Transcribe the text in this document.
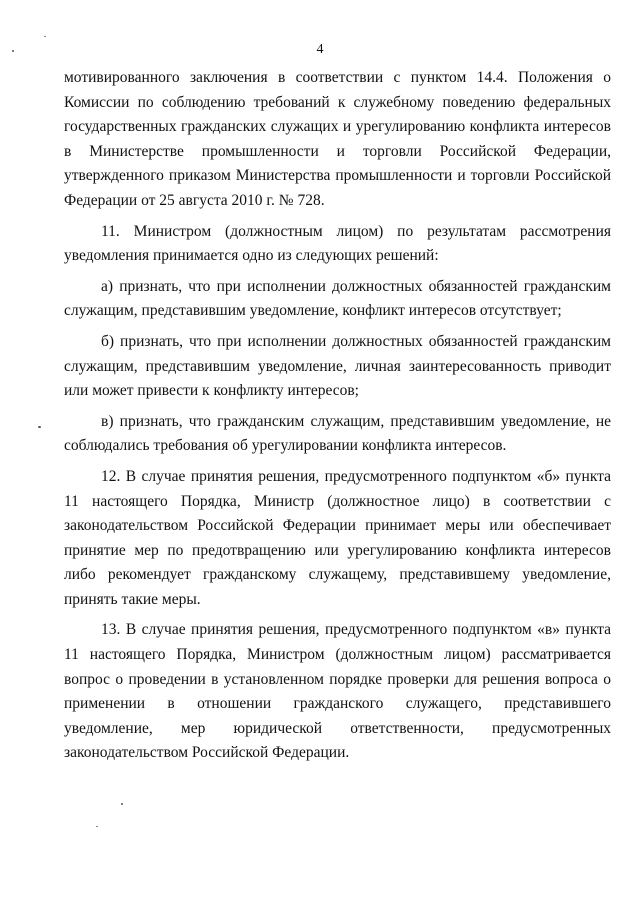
4

мотивированного заключения в соответствии с пунктом 14.4. Положения о Комиссии по соблюдению требований к служебному поведению федеральных государственных гражданских служащих и урегулированию конфликта интересов в Министерстве промышленности и торговли Российской Федерации, утвержденного приказом Министерства промышленности и торговли Российской Федерации от 25 августа 2010 г. № 728.

11. Министром (должностным лицом) по результатам рассмотрения уведомления принимается одно из следующих решений:

а) признать, что при исполнении должностных обязанностей гражданским служащим, представившим уведомление, конфликт интересов отсутствует;

б) признать, что при исполнении должностных обязанностей гражданским служащим, представившим уведомление, личная заинтересованность приводит или может привести к конфликту интересов;

в) признать, что гражданским служащим, представившим уведомление, не соблюдались требования об урегулировании конфликта интересов.

12. В случае принятия решения, предусмотренного подпунктом «б» пункта 11 настоящего Порядка, Министр (должностное лицо) в соответствии с законодательством Российской Федерации принимает меры или обеспечивает принятие мер по предотвращению или урегулированию конфликта интересов либо рекомендует гражданскому служащему, представившему уведомление, принять такие меры.

13. В случае принятия решения, предусмотренного подпунктом «в» пункта 11 настоящего Порядка, Министром (должностным лицом) рассматривается вопрос о проведении в установленном порядке проверки для решения вопроса о применении в отношении гражданского служащего, представившего уведомление, мер юридической ответственности, предусмотренных законодательством Российской Федерации.
